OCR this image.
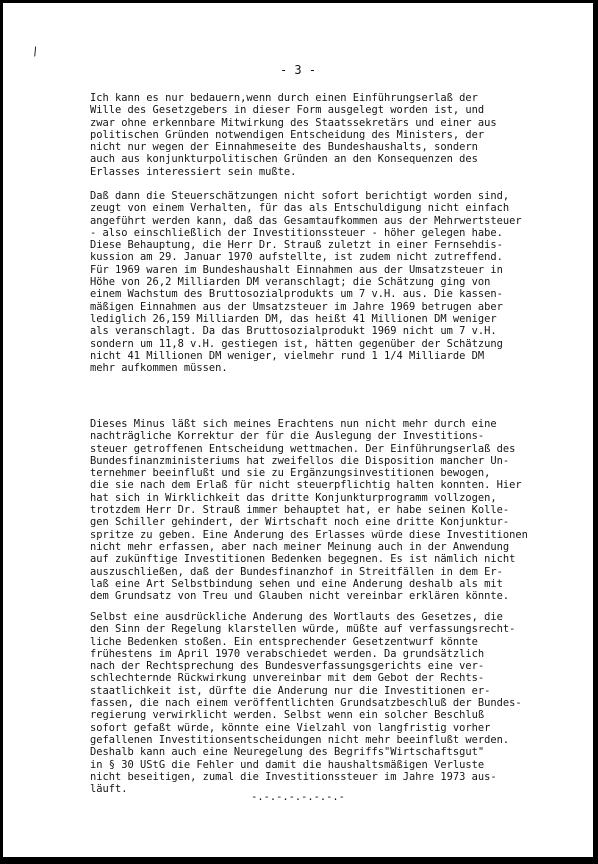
/
- 3 -
Ich kann es nur bedauern,wenn durch einen Einführungserlaß der
Wille des Gesetzgebers in dieser Form ausgelegt worden ist, und
zwar ohne erkennbare Mitwirkung des Staatssekretärs und einer aus
politischen Gründen notwendigen Entscheidung des Ministers, der
nicht nur wegen der Einnahmeseite des Bundeshaushalts, sondern
auch aus konjunkturpolitischen Gründen an den Konsequenzen des
Erlasses interessiert sein mußte.
Daß dann die Steuerschätzungen nicht sofort berichtigt worden sind,
zeugt von einem Verhalten, für das als Entschuldigung nicht einfach
angeführt werden kann, daß das Gesamtaufkommen aus der Mehrwertsteuer
- also einschließlich der Investitionssteuer - höher gelegen habe.
Diese Behauptung, die Herr Dr. Strauß zuletzt in einer Fernsehdis-
kussion am 29. Januar 1970 aufstellte, ist zudem nicht zutreffend.
Für 1969 waren im Bundeshaushalt Einnahmen aus der Umsatzsteuer in
Höhe von 26,2 Milliarden DM veranschlagt; die Schätzung ging von
einem Wachstum des Bruttosozialprodukts um 7 v.H. aus. Die kassen-
mäßigen Einnahmen aus der Umsatzsteuer im Jahre 1969 betrugen aber
lediglich 26,159 Milliarden DM, das heißt 41 Millionen DM weniger
als veranschlagt. Da das Bruttosozialprodukt 1969 nicht um 7 v.H.
sondern um 11,8 v.H. gestiegen ist, hätten gegenüber der Schätzung
nicht 41 Millionen DM weniger, vielmehr rund 1 1/4 Milliarde DM
mehr aufkommen müssen.
Dieses Minus läßt sich meines Erachtens nun nicht mehr durch eine
nachträgliche Korrektur der für die Auslegung der Investitions-
steuer getroffenen Entscheidung wettmachen. Der Einführungserlaß des
Bundesfinanzministeriums hat zweifellos die Disposition mancher Un-
ternehmer beeinflußt und sie zu Ergänzungsinvestitionen bewogen,
die sie nach dem Erlaß für nicht steuerpflichtig halten konnten. Hier
hat sich in Wirklichkeit das dritte Konjunkturprogramm vollzogen,
trotzdem Herr Dr. Strauß immer behauptet hat, er habe seinen Kolle-
gen Schiller gehindert, der Wirtschaft noch eine dritte Konjunktur-
spritze zu geben. Eine Änderung des Erlasses würde diese Investitionen
nicht mehr erfassen, aber nach meiner Meinung auch in der Anwendung
auf zukünftige Investitionen Bedenken begegnen. Es ist nämlich nicht
auszuschließen, daß der Bundesfinanzhof in Streitfällen in dem Er-
laß eine Art Selbstbindung sehen und eine Änderung deshalb als mit
dem Grundsatz von Treu und Glauben nicht vereinbar erklären könnte.
Selbst eine ausdrückliche Änderung des Wortlauts des Gesetzes, die
den Sinn der Regelung klarstellen würde, müßte auf verfassungsrecht-
liche Bedenken stoßen. Ein entsprechender Gesetzentwurf könnte
frühestens im April 1970 verabschiedet werden. Da grundsätzlich
nach der Rechtsprechung des Bundesverfassungsgerichts eine ver-
schlechternde Rückwirkung unvereinbar mit dem Gebot der Rechts-
staatlichkeit ist, dürfte die Änderung nur die Investitionen er-
fassen, die nach einem veröffentlichten Grundsatzbeschluß der Bundes-
regierung verwirklicht werden. Selbst wenn ein solcher Beschluß
sofort gefaßt würde, könnte eine Vielzahl von langfristig vorher
gefallenen Investitionsentscheidungen nicht mehr beeinflußt werden.
Deshalb kann auch eine Neuregelung des Begriffs"Wirtschaftsgut"
in § 30 UStG die Fehler und damit die haushaltsmäßigen Verluste
nicht beseitigen, zumal die Investitionssteuer im Jahre 1973 aus-
läuft.
-.-.-.-.-.-.-.-
